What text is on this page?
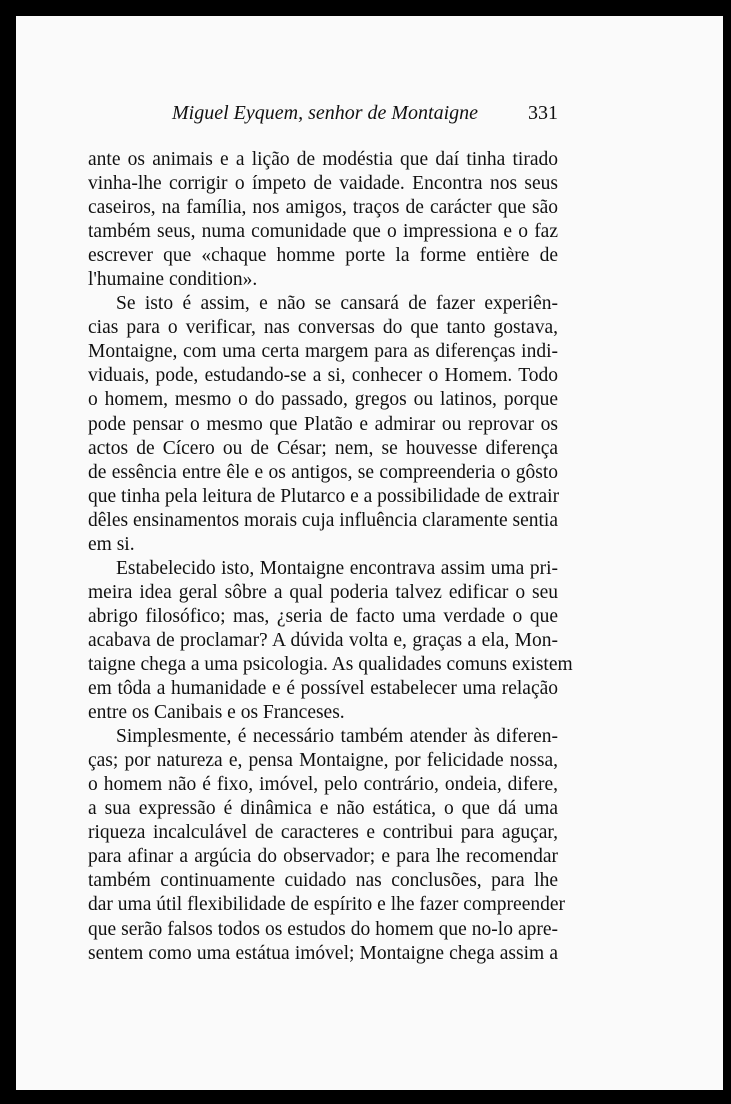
Miguel Eyquem, senhor de Montaigne 331

ante os animais e a lição de modéstia que daí tinha tirado
vinha-lhe corrigir o ímpeto de vaidade. Encontra nos seus
caseiros, na família, nos amigos, traços de carácter que são
também seus, numa comunidade que o impressiona e o faz
escrever que «chaque homme porte la forme entière de
l'humaine condition».

Se isto é assim, e não se cansará de fazer experiên-
cias para o verificar, nas conversas do que tanto gostava,
Montaigne, com uma certa margem para as diferenças indi-
viduais, pode, estudando-se a si, conhecer o Homem. Todo
o homem, mesmo o do passado, gregos ou latinos, porque
pode pensar o mesmo que Platão e admirar ou reprovar os
actos de Cícero ou de César; nem, se houvesse diferença
de essência entre êle e os antigos, se compreenderia o gôsto
que tinha pela leitura de Plutarco e a possibilidade de extrair
dêles ensinamentos morais cuja influência claramente sentia
em si.

Estabelecido isto, Montaigne encontrava assim uma pri-
meira idea geral sôbre a qual poderia talvez edificar o seu
abrigo filosófico; mas, ¿seria de facto uma verdade o que
acabava de proclamar? A dúvida volta e, graças a ela, Mon-
taigne chega a uma psicologia. As qualidades comuns existem
em tôda a humanidade e é possível estabelecer uma relação
entre os Canibais e os Franceses.

Simplesmente, é necessário também atender às diferen-
ças; por natureza e, pensa Montaigne, por felicidade nossa,
o homem não é fixo, imóvel, pelo contrário, ondeia, difere,
a sua expressão é dinâmica e não estática, o que dá uma
riqueza incalculável de caracteres e contribui para aguçar,
para afinar a argúcia do observador; e para lhe recomendar
também continuamente cuidado nas conclusões, para lhe
dar uma útil flexibilidade de espírito e lhe fazer compreender
que serão falsos todos os estudos do homem que no-lo apre-
sentem como uma estátua imóvel; Montaigne chega assim a
